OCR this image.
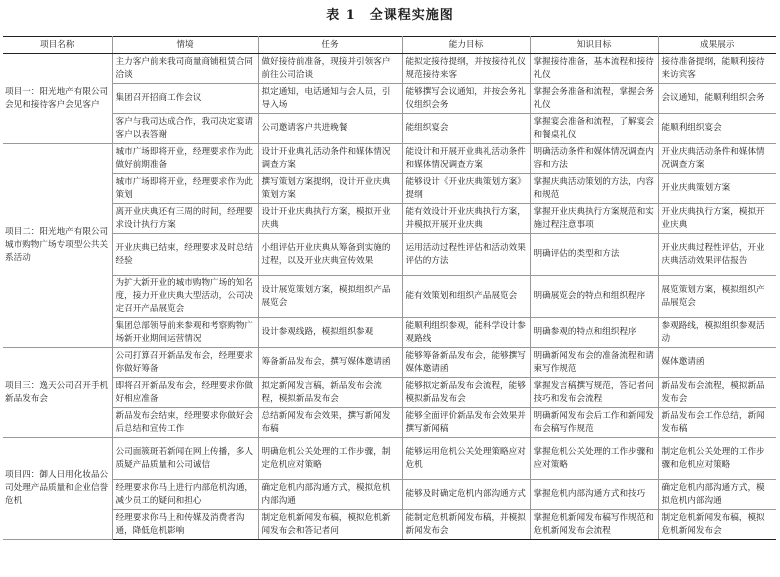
表 1　全课程实施图
项目名称	情境	任务	能力目标	知识目标	成果展示
项目一：阳光地产有限公司会见和接待客户会见客户	主力客户前来我司商量商铺租赁合同洽谈	做好接待前准备，现接并引领客户前往公司洽谈	能拟定接待提纲，并按接待礼仪规范接待来客	掌握接待准备，基本流程和接待礼仪	接待准备提纲，能顺利接待来访宾客
	集团召开招商工作会议	拟定通知，电话通知与会人员，引导入场	能够撰写会议通知，并按会务礼仪组织会务	掌握会务准备和流程，掌握会务礼仪	会议通知，能顺利组织会务
	客户与我司达成合作，我司决定宴请客户以表答谢	公司邀请客户共进晚餐	能组织宴会	掌握宴会准备和流程，了解宴会和餐桌礼仪	能顺利组织宴会
项目二：阳光地产有限公司城市购物广场专项型公共关系活动	城市广场即将开业，经理要求作为此做好前期准备	设计开业典礼活动条件和媒体情况调查方案	能设计和开展开业典礼活动条件和媒体情况调查方案	明确活动条件和媒体情况调查内容和方法	开业庆典活动条件和媒体情况调查方案
	城市广场即将开业，经理要求作为此策划	撰写策划方案提纲，设计开业庆典策划方案	能够设计《开业庆典策划方案》提纲	掌握庆典活动策划的方法，内容和规范	开业庆典策划方案
	离开业庆典还有三周的时间，经理要求设计执行方案	设计开业庆典执行方案，模拟开业庆典	能有效设计开业庆典执行方案，并模拟开展开业庆典	掌握开业庆典执行方案规范和实施过程注意事项	开业庆典执行方案，模拟开业庆典
	开业庆典已结束，经理要求及时总结经验	小组评估开业庆典从筹备到实施的过程，以及开业庆典宣传效果	运用活动过程性评估和活动效果评估的方法	明确评估的类型和方法	开业庆典过程性评估，开业庆典活动效果评估报告
	为扩大新开业的城市购物广场的知名度，接力开业庆典大型活动，公司决定召开产品展览会	设计展览策划方案，模拟组织产品展览会	能有效策划和组织产品展览会	明确展览会的特点和组织程序	展览策划方案，模拟组织产品展览会
	集团总部领导前来参观和考察购物广场新开业期间运营情况	设计参观线路，模拟组织参观	能顺利组织参观，能科学设计参观路线	明确参观的特点和组织程序	参观路线，模拟组织参观活动
项目三：逸天公司召开手机新品发布会	公司打算召开新品发布会，经理要求你做好筹备	筹备新品发布会，撰写媒体邀请函	能够筹备新品发布会，能够撰写媒体邀请函	明确新闻发布会的准备流程和请柬写作规范	媒体邀请函
	即将召开新品发布会，经理要求你做好相应准备	拟定新闻发言稿，新品发布会流程，模拟新品发布会	能够拟定新品发布会流程，能够模拟新品发布会	掌握发言稿撰写规范，答记者问技巧和发布会流程	新品发布会流程，模拟新品发布会
	新品发布会结束，经理要求你做好会后总结和宣传工作	总结新闻发布会效果，撰写新闻发布稿	能够全面评价新品发布会效果并撰写新闻稿	明确新闻发布会后工作和新闻发布会稿写作规范	新品发布会工作总结，新闻发布稿
项目四：御人日用化妆品公司处理产品质量和企业信誉危机	公司面簇斑若新闻在网上传播，多人质疑产品质量和公司诚信	明确危机公关处理的工作步骤，制定危机应对策略	能够运用危机公关处理策略应对危机	掌握危机公关处理的工作步骤和应对策略	制定危机公关处理的工作步骤和危机应对策略
	经理要求你马上进行内部危机沟通，减少员工的疑问和担心	确定危机内部沟通方式，模拟危机内部沟通	能够及时确定危机内部沟通方式	掌握危机内部沟通方式和技巧	确定危机内部沟通方式，模拟危机内部沟通
	经理要求你马上和传媒及消费者沟通，降低危机影响	制定危机新闻发布稿，模拟危机新闻发布会和答记者问	能制定危机新闻发布稿，并模拟新闻发布会	掌握危机新闻发布稿写作规范和危机新闻发布会流程	制定危机新闻发布稿，模拟危机新闻发布会
